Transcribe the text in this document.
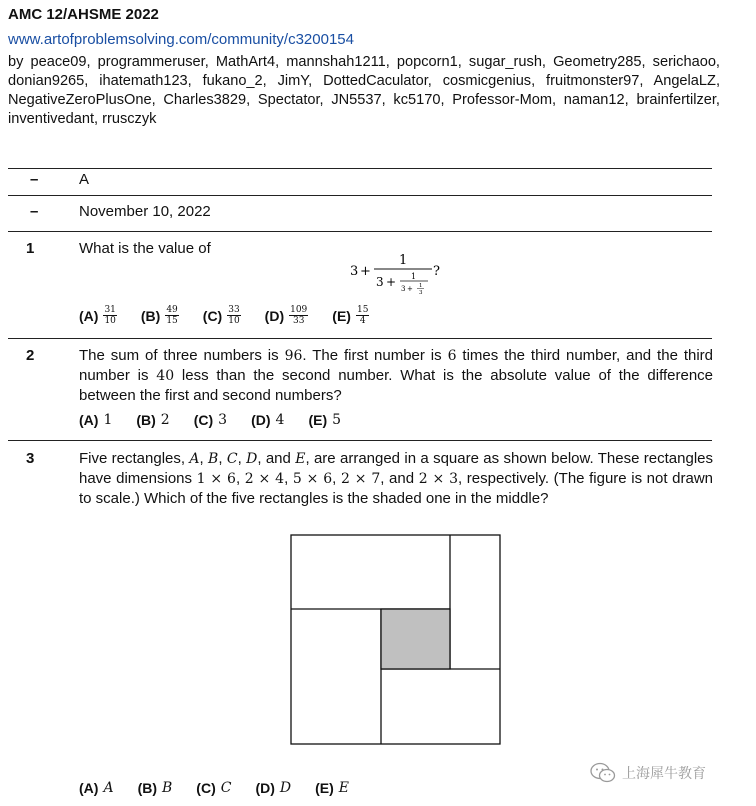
AMC 12/AHSME 2022
www.artofproblemsolving.com/community/c3200154
by peace09, programmeruser, MathArt4, mannshah1211, popcorn1, sugar_rush, Geometry285, serichaoo, donian9265, ihatemath123, fukano_2, JimY, DottedCaculator, cosmicgenius, fruitmonster97, AngelaLZ, NegativeZeroPlusOne, Charles3829, Spectator, JN5537, kc5170, Professor-Mom, naman12, brainfertilzer, inventivedant, rrusczyk
–	A
–	November 10, 2022
1	What is the value of
3 +
1
3 + 1
3 + 1
3
?
$(A) \frac{31}{10} (B) \frac{49}{15} (C) \frac{33}{10} (D) \frac{109}{33} (E) \frac{15}{4}$
2	The sum of three numbers is 96. The first number is 6 times the third number, and the third number is 40 less than the second number. What is the absolute value of the difference between the first and second numbers?
(A) 1 (B) 2 (C) 3 (D) 4 (E) 5
3	Five rectangles, A, B, C, D, and E, are arranged in a square as shown below. These rectangles have dimensions 1 × 6, 2 × 4, 5 × 6, 2 × 7, and 2 × 3, respectively. (The figure is not drawn to scale.) Which of the five rectangles is the shaded one in the middle?
(A) A (B) B (C) C (D) D (E) E
上海犀牛教育
